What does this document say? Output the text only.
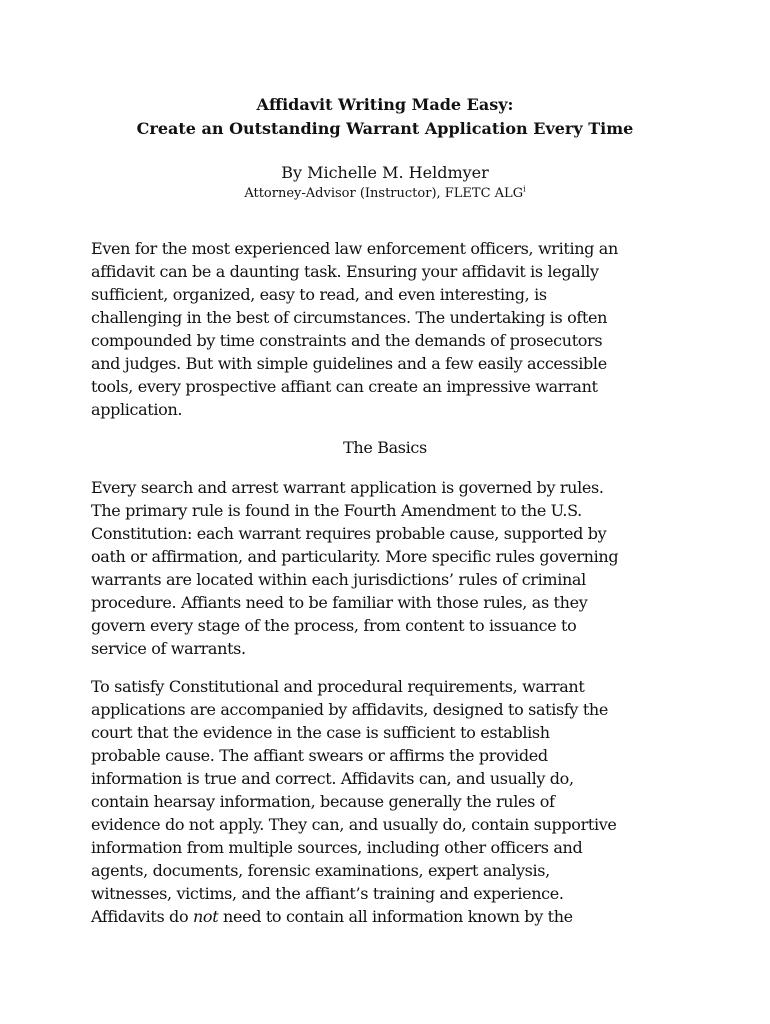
Affidavit Writing Made Easy:
Create an Outstanding Warrant Application Every Time
By Michelle M. Heldmyer
Attorney-Advisor (Instructor), FLETC ALG$^i$

Even for the most experienced law enforcement officers, writing an
affidavit can be a daunting task. Ensuring your affidavit is legally
sufficient, organized, easy to read, and even interesting, is
challenging in the best of circumstances. The undertaking is often
compounded by time constraints and the demands of prosecutors
and judges. But with simple guidelines and a few easily accessible
tools, every prospective affiant can create an impressive warrant
application.

The Basics

Every search and arrest warrant application is governed by rules.
The primary rule is found in the Fourth Amendment to the U.S.
Constitution: each warrant requires probable cause, supported by
oath or affirmation, and particularity. More specific rules governing
warrants are located within each jurisdictions’ rules of criminal
procedure. Affiants need to be familiar with those rules, as they
govern every stage of the process, from content to issuance to
service of warrants.

To satisfy Constitutional and procedural requirements, warrant
applications are accompanied by affidavits, designed to satisfy the
court that the evidence in the case is sufficient to establish
probable cause. The affiant swears or affirms the provided
information is true and correct. Affidavits can, and usually do,
contain hearsay information, because generally the rules of
evidence do not apply. They can, and usually do, contain supportive
information from multiple sources, including other officers and
agents, documents, forensic examinations, expert analysis,
witnesses, victims, and the affiant’s training and experience.
Affidavits do not need to contain all information known by the
